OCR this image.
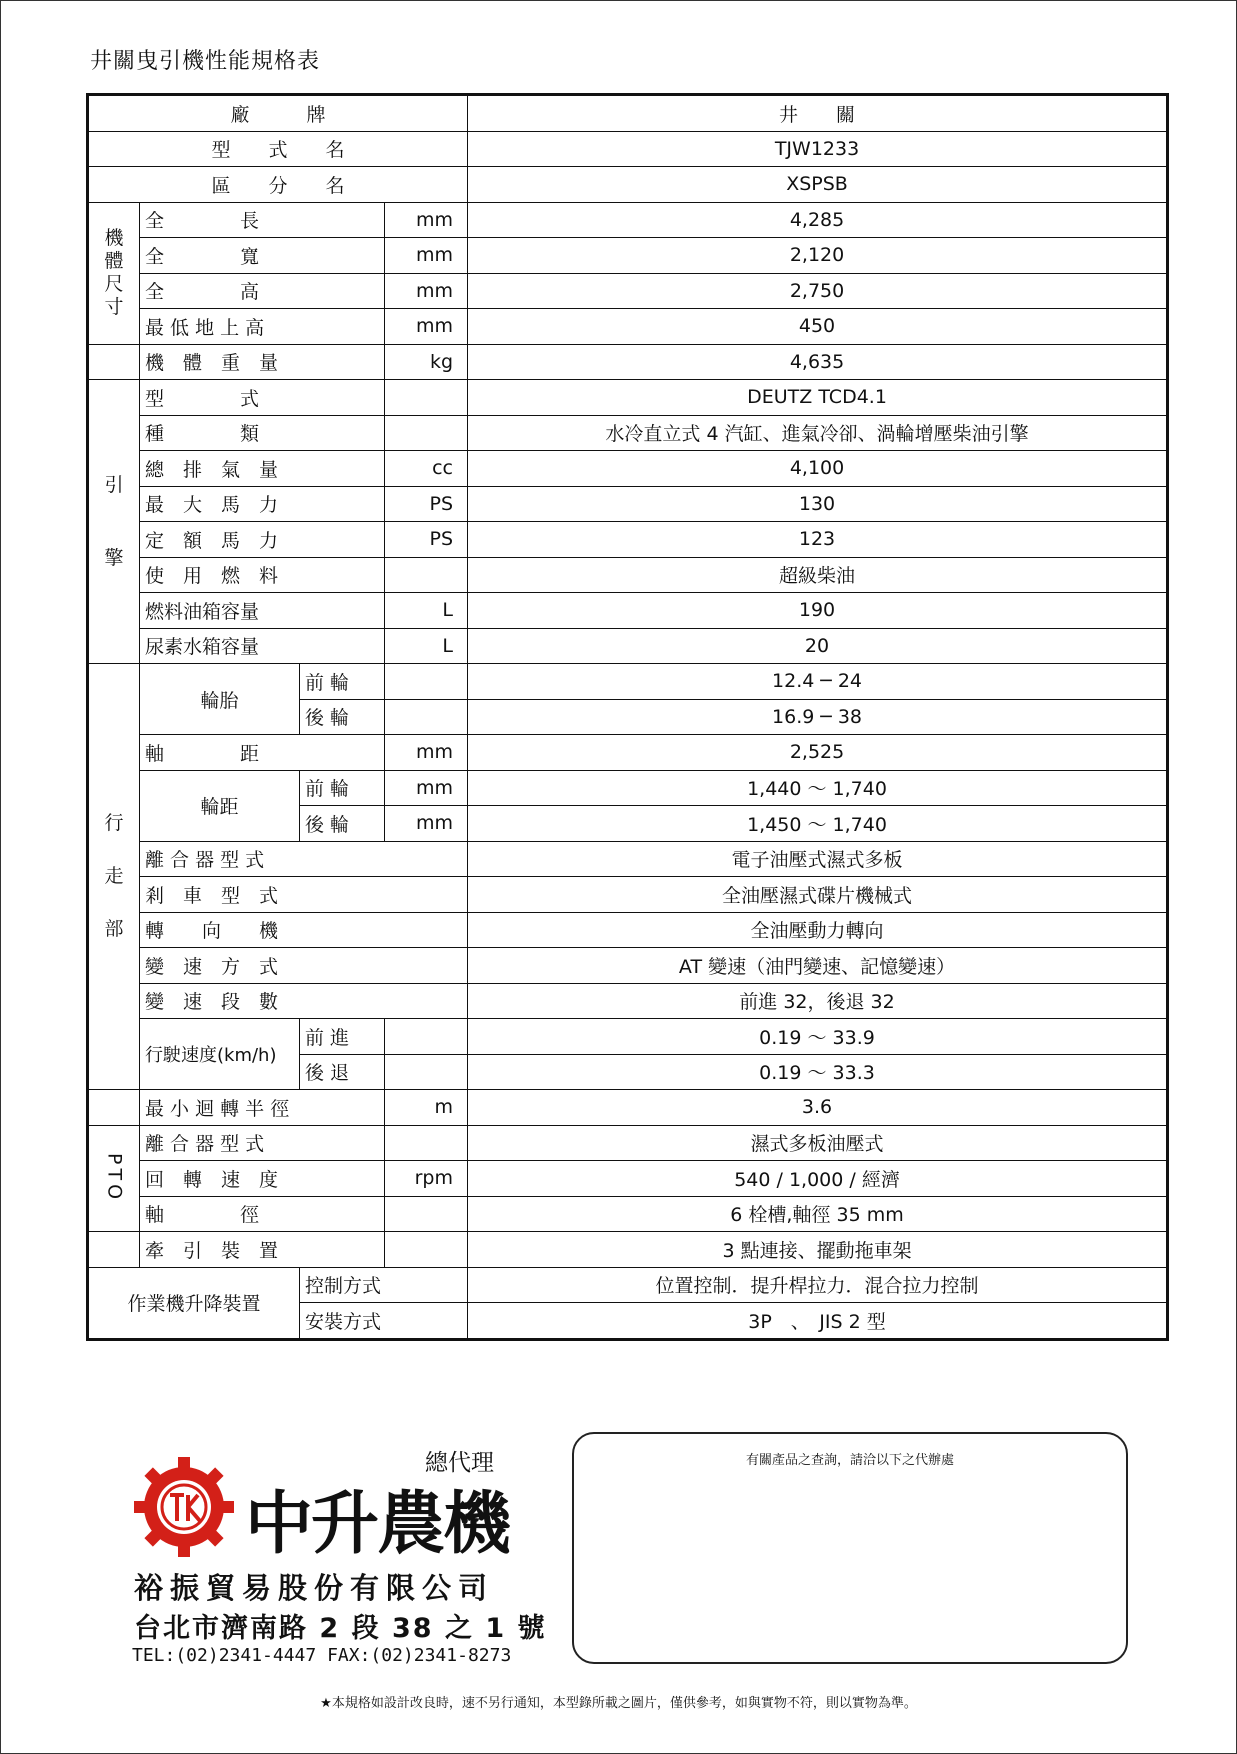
井關曳引機性能規格表
廠　　　牌				井　　關
型　　式　　名				TJW1233
區　　分　　名				XSPSB

機
體
尺
寸	全　　　　長		mm	4,285
	全　　　　寬		mm	2,120
	全　　　　高		mm	2,750
	最 低 地 上 高		mm	450
	機　體　重　量		kg	4,635

引
擎	型　　　　式			DEUTZ TCD4.1
	種　　　　類			水冷直立式 4 汽缸、進氣冷卻、渦輪增壓柴油引擎
	總　排　氣　量		cc	4,100
	最　大　馬　力		PS	130
	定　額　馬　力		PS	123
	使　用　燃　料			超級柴油
	燃料油箱容量		L	190
	尿素水箱容量		L	20

行
走
部	輪胎	前 輪		12.4 ─ 24
		後 輪		16.9 ─ 38
	軸　　　　距		mm	2,525
	輪距	前 輪	mm	1,440 ～ 1,740
		後 輪	mm	1,450 ～ 1,740
	離 合 器 型 式			電子油壓式濕式多板
	剎　車　型　式			全油壓濕式碟片機械式
	轉　　向　　機			全油壓動力轉向
	變　速　方　式			AT 變速（油門變速、記憶變速）
	變　速　段　數			前進 32，後退 32
	行駛速度(km/h)	前 進		0.19 ～ 33.9
		後 退		0.19 ～ 33.3
	最 小 迴 轉 半 徑		m	3.6

PTO	離 合 器 型 式			濕式多板油壓式
	回　轉　速　度		rpm	540 / 1,000 / 經濟
	軸　　　　徑			6 栓槽,軸徑 35 mm
	牽　引　裝　置			3 點連接、擺動拖車架
作業機升降裝置		控制方式		位置控制．提升桿拉力．混合拉力控制
		安裝方式		3P　、　JIS 2 型
總代理
中升農機
裕振貿易股份有限公司
台北市濟南路 2 段 38 之 1 號
TEL:(02)2341-4447 FAX:(02)2341-8273
有關產品之查詢，請洽以下之代辦處
★本規格如設計改良時，速不另行通知，本型錄所載之圖片，僅供參考，如與實物不符，則以實物為準。
